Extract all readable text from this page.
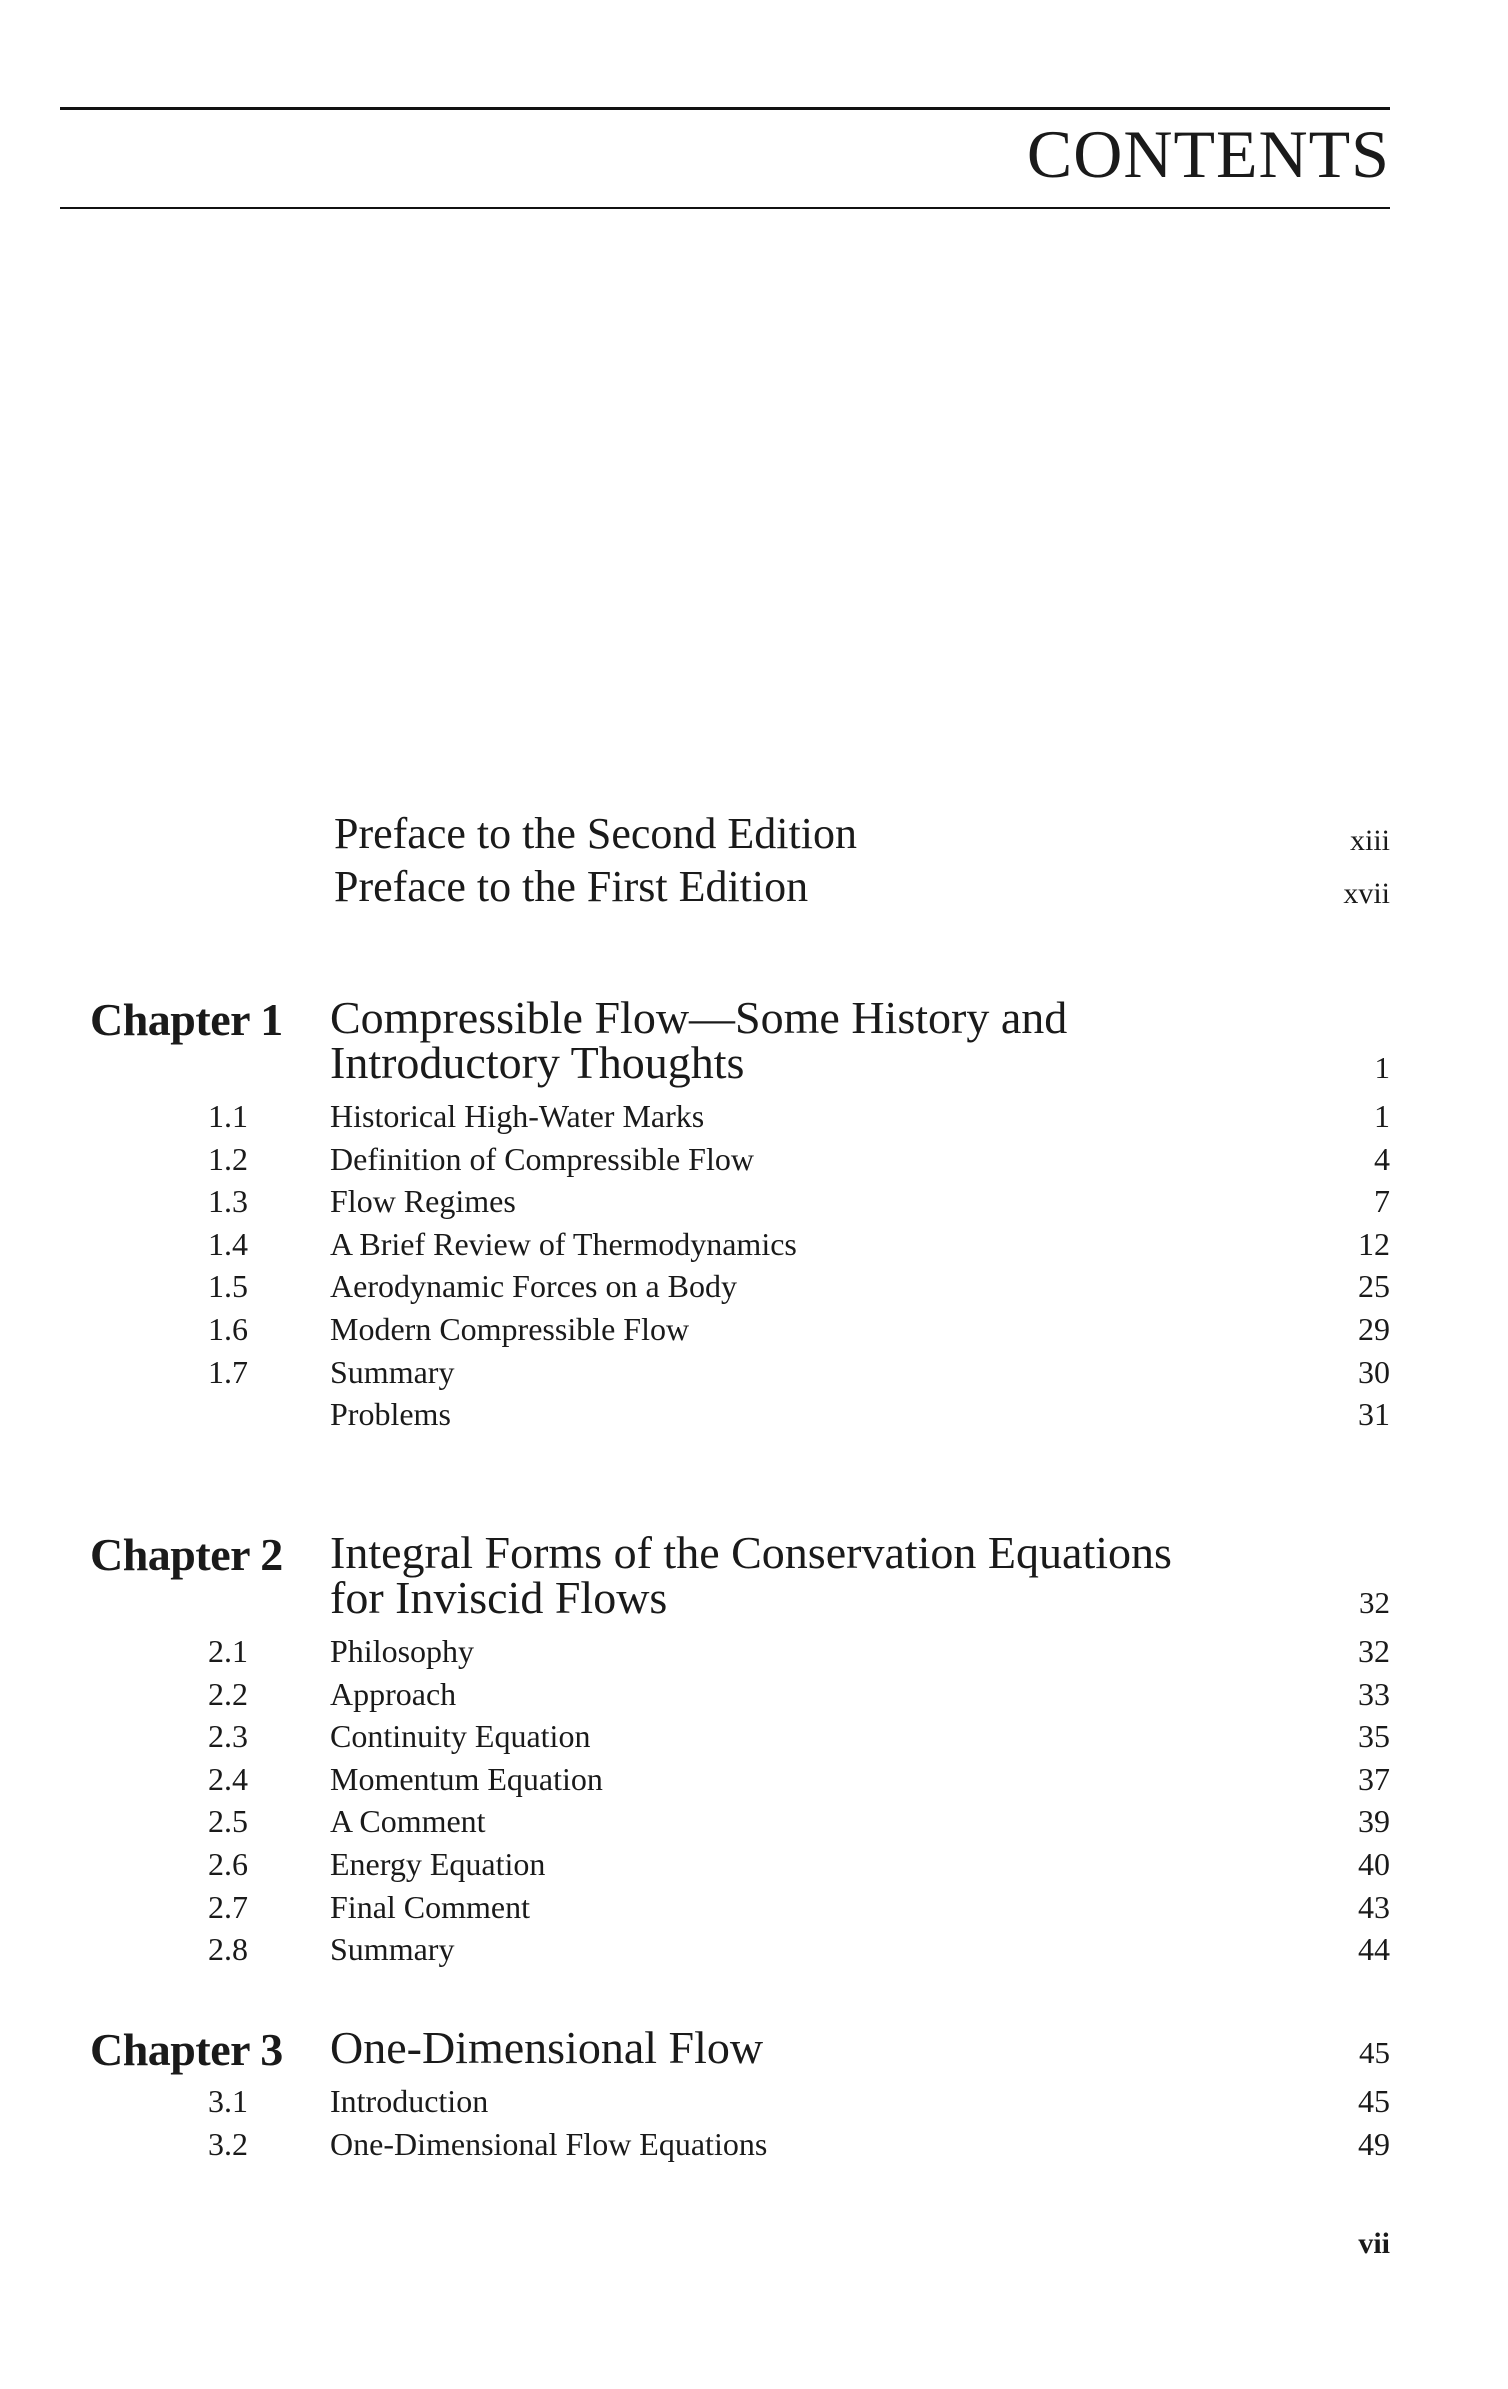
CONTENTS
Preface to the Second Edition	xiii
Preface to the First Edition	xvii
Chapter 1 Compressible Flow—Some History and
Introductory Thoughts	1
1.1	Historical High-Water Marks	1
1.2	Definition of Compressible Flow	4
1.3	Flow Regimes	7
1.4	A Brief Review of Thermodynamics	12
1.5	Aerodynamic Forces on a Body	25
1.6	Modern Compressible Flow	29
1.7	Summary	30
Problems	31
Chapter 2 Integral Forms of the Conservation Equations
for Inviscid Flows	32
2.1	Philosophy	32
2.2	Approach	33
2.3	Continuity Equation	35
2.4	Momentum Equation	37
2.5	A Comment	39
2.6	Energy Equation	40
2.7	Final Comment	43
2.8	Summary	44
Chapter 3 One-Dimensional Flow	45
3.1	Introduction	45
3.2	One-Dimensional Flow Equations	49
vii
